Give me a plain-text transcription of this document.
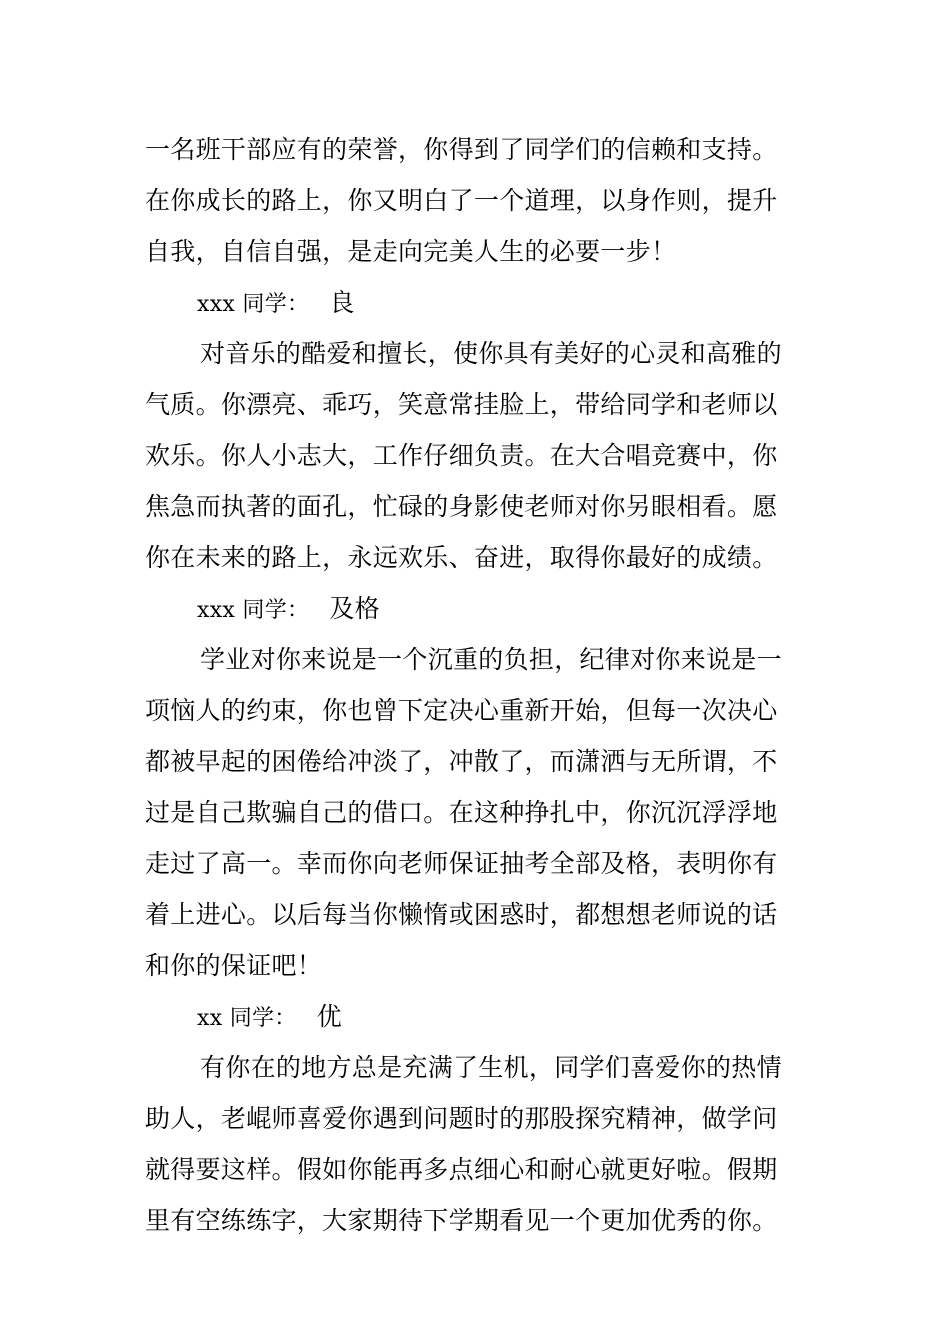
一名班干部应有的荣誉，你得到了同学们的信赖和支持。
在你成长的路上，你又明白了一个道理，以身作则，提升
自我，自信自强，是走向完美人生的必要一步！
xxx 同学： 良
对音乐的酷爱和擅长，使你具有美好的心灵和高雅的
气质。你漂亮、乖巧，笑意常挂脸上，带给同学和老师以
欢乐。你人小志大，工作仔细负责。在大合唱竞赛中，你
焦急而执著的面孔，忙碌的身影使老师对你另眼相看。愿
你在未来的路上，永远欢乐、奋进，取得你最好的成绩。
xxx 同学： 及格
学业对你来说是一个沉重的负担，纪律对你来说是一
项恼人的约束，你也曾下定决心重新开始，但每一次决心
都被早起的困倦给冲淡了，冲散了，而潇洒与无所谓，不
过是自己欺骗自己的借口。在这种挣扎中，你沉沉浮浮地
走过了高一。幸而你向老师保证抽考全部及格，表明你有
着上进心。以后每当你懒惰或困惑时，都想想老师说的话
和你的保证吧！
xx 同学： 优
有你在的地方总是充满了生机，同学们喜爱你的热情
助人，老崐师喜爱你遇到问题时的那股探究精神，做学问
就得要这样。假如你能再多点细心和耐心就更好啦。假期
里有空练练字，大家期待下学期看见一个更加优秀的你。
